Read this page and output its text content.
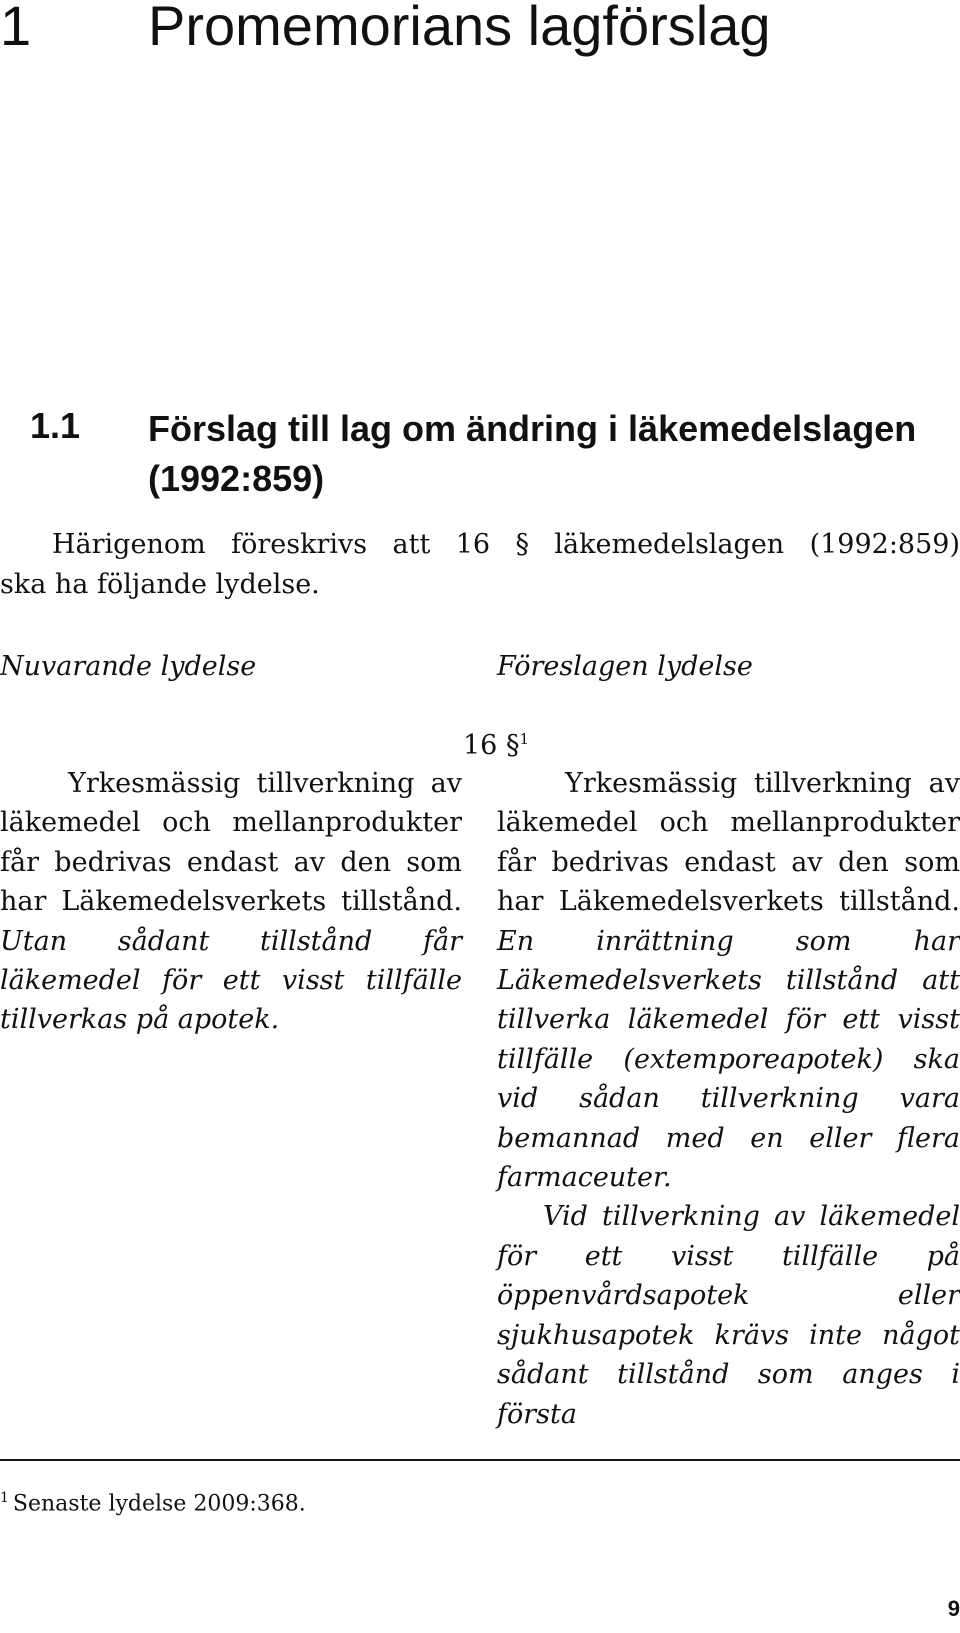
1 Promemorians lagförslag
1.1 Förslag till lag om ändring i läkemedelslagen (1992:859)
Härigenom föreskrivs att 16 § läkemedelslagen (1992:859)
ska ha följande lydelse.
Nuvarande lydelse	Föreslagen lydelse
16 §$^1$

Yrkesmässig tillverkning av läkemedel och mellanprodukter får bedrivas endast av den som har Läkemedelsverkets tillstånd. Utan sådant tillstånd får läkemedel för ett visst tillfälle tillverkas på apotek.

Yrkesmässig tillverkning av läkemedel och mellanprodukter får bedrivas endast av den som har Läkemedelsverkets tillstånd. En inrättning som har Läkemedelsverkets tillstånd att tillverka läkemedel för ett visst tillfälle (extemporeapotek) ska vid sådan tillverkning vara bemannad med en eller flera farmaceuter.

Vid tillverkning av läkemedel för ett visst tillfälle på öppenvårdsapotek eller sjukhusapotek krävs inte något sådant tillstånd som anges i första

$^1$ Senaste lydelse 2009:368.
9
